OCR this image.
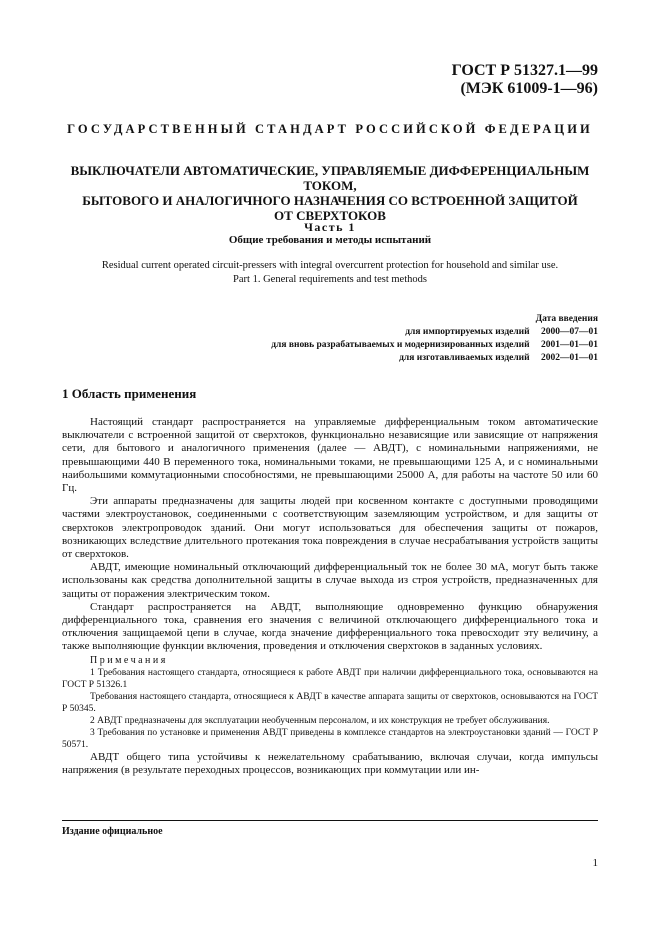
ГОСТ Р 51327.1—99
(МЭК 61009-1—96)
ГОСУДАРСТВЕННЫЙ СТАНДАРТ РОССИЙСКОЙ ФЕДЕРАЦИИ
ВЫКЛЮЧАТЕЛИ АВТОМАТИЧЕСКИЕ, УПРАВЛЯЕМЫЕ ДИФФЕРЕНЦИАЛЬНЫМ ТОКОМ,
БЫТОВОГО И АНАЛОГИЧНОГО НАЗНАЧЕНИЯ СО ВСТРОЕННОЙ ЗАЩИТОЙ
ОТ СВЕРХТОКОВ
Часть 1
Общие требования и методы испытаний
Residual current operated circuit-pressers with integral overcurrent protection for household and similar use.
Part 1. General requirements and test methods
Дата введения
для импортируемых изделий 2000—07—01
для вновь разрабатываемых и модернизированных изделий 2001—01—01
для изготавливаемых изделий 2002—01—01
1 Область применения

Настоящий стандарт распространяется на управляемые дифференциальным током автоматические выключатели с встроенной защитой от сверхтоков, функционально независящие или зависящие от напряжения сети, для бытового и аналогичного применения (далее — АВДТ), с номинальными напряжениями, не превышающими 440 В переменного тока, номинальными токами, не превышающими 125 А, и с номинальными наибольшими коммутационными способностями, не превышающими 25000 А, для работы на частоте 50 или 60 Гц.

Эти аппараты предназначены для защиты людей при косвенном контакте с доступными проводящими частями электроустановок, соединенными с соответствующим заземляющим устройством, и для защиты от сверхтоков электропроводок зданий. Они могут использоваться для обеспечения защиты от пожаров, возникающих вследствие длительного протекания тока повреждения в случае несрабатывания устройств защиты от сверхтоков.

АВДТ, имеющие номинальный отключающий дифференциальный ток не более 30 мА, могут быть также использованы как средства дополнительной защиты в случае выхода из строя устройств, предназначенных для защиты от поражения электрическим током.

Стандарт распространяется на АВДТ, выполняющие одновременно функцию обнаружения дифференциального тока, сравнения его значения с величиной отключающего дифференциального тока и отключения защищаемой цепи в случае, когда значение дифференциального тока превосходит эту величину, а также выполняющие функции включения, проведения и отключения сверхтоков в заданных условиях.

Примечания

1 Требования настоящего стандарта, относящиеся к работе АВДТ при наличии дифференциального тока, основываются на ГОСТ Р 51326.1

Требования настоящего стандарта, относящиеся к АВДТ в качестве аппарата защиты от сверхтоков, основываются на ГОСТ Р 50345.

2 АВДТ предназначены для эксплуатации необученным персоналом, и их конструкция не требует обслуживания.

3 Требования по установке и применения АВДТ приведены в комплексе стандартов на электроустановки зданий — ГОСТ Р 50571.

АВДТ общего типа устойчивы к нежелательному срабатыванию, включая случаи, когда импульсы напряжения (в результате переходных процессов, возникающих при коммутации или ин-

Издание официальное
1
